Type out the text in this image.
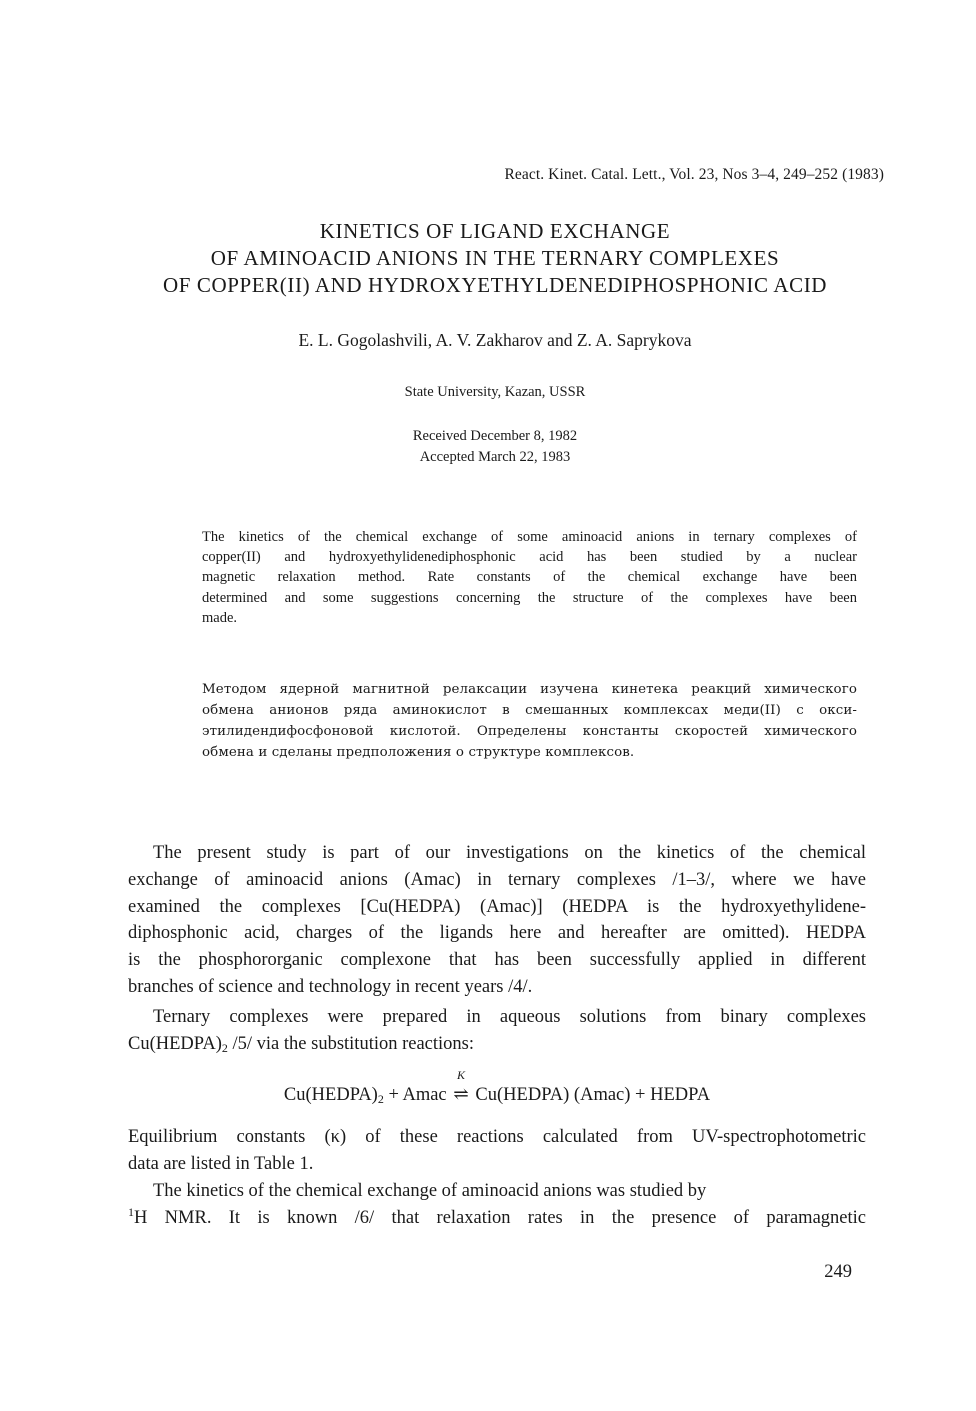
React. Kinet. Catal. Lett., Vol. 23, Nos 3–4, 249–252 (1983)
KINETICS OF LIGAND EXCHANGE
OF AMINOACID ANIONS IN THE TERNARY COMPLEXES
OF COPPER(II) AND HYDROXYETHYLDENEDIPHOSPHONIC ACID
E. L. Gogolashvili, A. V. Zakharov and Z. A. Saprykova
State University, Kazan, USSR
Received December 8, 1982
Accepted March 22, 1983
The kinetics of the chemical exchange of some aminoacid anions in ternary complexes of
copper(II) and hydroxyethylidenediphosphonic acid has been studied by a nuclear
magnetic relaxation method. Rate constants of the chemical exchange have been
determined and some suggestions concerning the structure of the complexes have been
made.
Методом ядерной магнитной релаксации изучена кинетека реакций химического
обмена анионов ряда аминокислот в смешанных комплексах меди(II) с окси-
этилидендифосфоновой кислотой. Определены константы скоростей химического
обмена и сделаны предположения о структуре комплексов.
The present study is part of our investigations on the kinetics of the chemical
exchange of aminoacid anions (Amac) in ternary complexes /1–3/, where we have
examined the complexes [Cu(HEDPA) (Amac)] (HEDPA is the hydroxyethylidene-
diphosphonic acid, charges of the ligands here and hereafter are omitted). HEDPA
is the phosphororganic complexone that has been successfully applied in different
branches of science and technology in recent years /4/.
Ternary complexes were prepared in aqueous solutions from binary complexes
$Cu(HEDPA)_2$ /5/ via the substitution reactions:
$Cu(HEDPA)_2$ + Amac
K
⇌ Cu(HEDPA) (Amac) + HEDPA
Equilibrium constants (κ) of these reactions calculated from UV-spectrophotometric
data are listed in Table 1.
The kinetics of the chemical exchange of aminoacid anions was studied by
$^1$H NMR. It is known /6/ that relaxation rates in the presence of paramagnetic
249
